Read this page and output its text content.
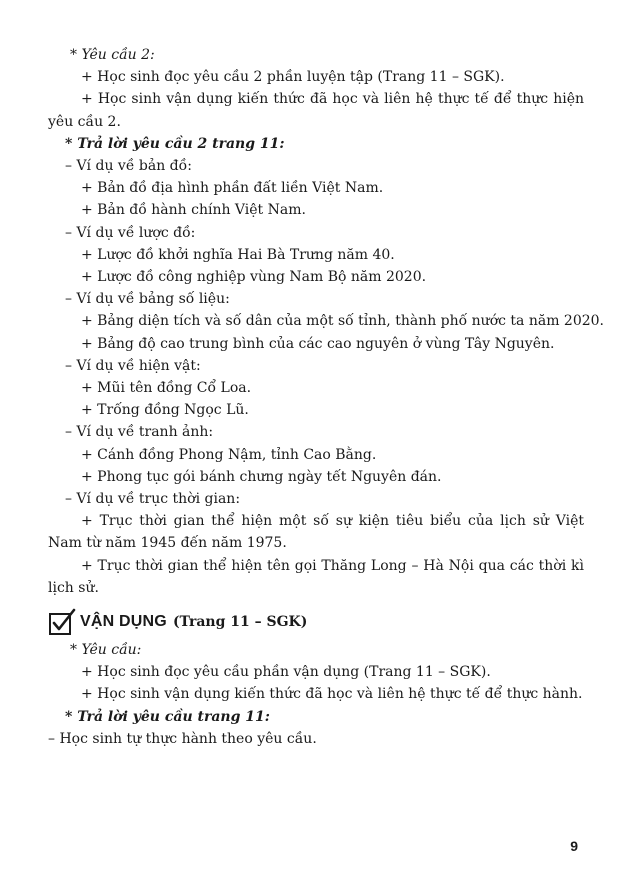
* Yêu cầu 2:

+ Học sinh đọc yêu cầu 2 phần luyện tập (Trang 11 – SGK).

+ Học sinh vận dụng kiến thức đã học và liên hệ thực tế để thực hiện yêu cầu 2.

* Trả lời yêu cầu 2 trang 11:

– Ví dụ về bản đồ:

+ Bản đồ địa hình phần đất liền Việt Nam.

+ Bản đồ hành chính Việt Nam.

– Ví dụ về lược đồ:

+ Lược đồ khởi nghĩa Hai Bà Trưng năm 40.

+ Lược đồ công nghiệp vùng Nam Bộ năm 2020.

– Ví dụ về bảng số liệu:

+ Bảng diện tích và số dân của một số tỉnh, thành phố nước ta năm 2020.

+ Bảng độ cao trung bình của các cao nguyên ở vùng Tây Nguyên.

– Ví dụ về hiện vật:

+ Mũi tên đồng Cổ Loa.

+ Trống đồng Ngọc Lũ.

– Ví dụ về tranh ảnh:

+ Cánh đồng Phong Nậm, tỉnh Cao Bằng.

+ Phong tục gói bánh chưng ngày tết Nguyên đán.

– Ví dụ về trục thời gian:

+ Trục thời gian thể hiện một số sự kiện tiêu biểu của lịch sử Việt Nam từ năm 1945 đến năm 1975.

+ Trục thời gian thể hiện tên gọi Thăng Long – Hà Nội qua các thời kì lịch sử.

VẬN DỤNG (Trang 11 – SGK)

* Yêu cầu:

+ Học sinh đọc yêu cầu phần vận dụng (Trang 11 – SGK).

+ Học sinh vận dụng kiến thức đã học và liên hệ thực tế để thực hành.

* Trả lời yêu cầu trang 11:

– Học sinh tự thực hành theo yêu cầu.

9
